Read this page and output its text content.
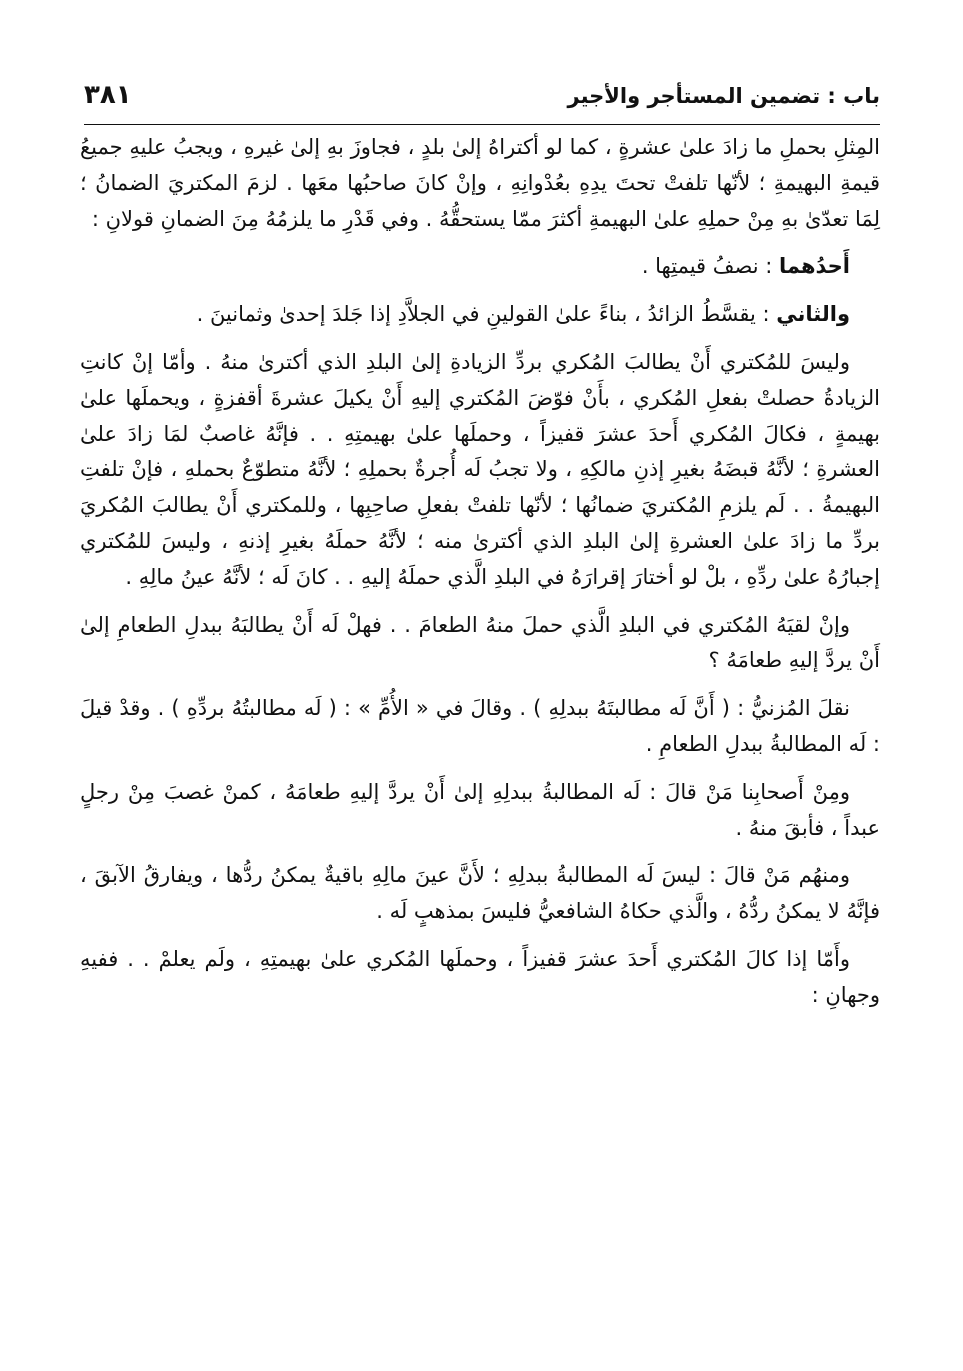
باب : تضمين المستأجر والأجير
٣٨١

المِثلِ بحملِ ما زادَ علىٰ عشرةٍ ، كما لو أكتراهُ إلىٰ بلدٍ ، فجاوزَ بهِ إلىٰ غيرهِ ، ويجبُ عليهِ جميعُ قيمةِ البهيمةِ ؛ لأنّها تلفتْ تحتَ يدِهِ بعُدْوانِهِ ، وإنْ كانَ صاحبُها معَها . لزمَ المكتريَ الضمانُ ؛ لِمَا تعدّىٰ بهِ مِنْ حملِهِ علىٰ البهيمةِ أكثرَ ممّا يستحقُّهُ . وفي قَدْرِ ما يلزمُهُ مِنَ الضمانِ قولانِ :

أَحدُهما : نصفُ قيمتِها .

والثاني : يقسَّطُ الزائدُ ، بناءً علىٰ القولينِ في الجلاَّدِ إذا جَلدَ إحدىٰ وثمانينَ .

وليسَ للمُكتري أَنْ يطالبَ المُكري بردِّ الزيادةِ إلىٰ البلدِ الذي أكترىٰ منهُ . وأمّا إنْ كانتِ الزيادةُ حصلتْ بفعلِ المُكري ، بأَنْ فوّضَ المُكتري إليهِ أَنْ يكيلَ عشرةَ أقفزةٍ ، ويحملَها علىٰ بهيمةٍ ، فكالَ المُكري أَحدَ عشرَ قفيزاً ، وحملَها علىٰ بهيمتِهِ . . فإنَّهُ غاصبٌ لمَا زادَ علىٰ العشرةِ ؛ لأنَّهُ قبضَهُ بغيرِ إذنِ مالكِهِ ، ولا تجبُ لَه أُجرةٌ بحملِهِ ؛ لأنَّهُ متطوّعٌ بحملهِ ، فإنْ تلفتِ البهيمةُ . . لَم يلزمِ المُكتريَ ضمانُها ؛ لأنّها تلفتْ بفعلِ صاحِبِها ، وللمكتري أَنْ يطالبَ المُكريَ بردِّ ما زادَ علىٰ العشرةِ إلىٰ البلدِ الذي أكترىٰ منه ؛ لأنَّهُ حملَهُ بغيرِ إذنهِ ، وليسَ للمُكتري إجبارُهُ علىٰ ردِّهِ ، بلْ لو أختارَ إقرارَهُ في البلدِ الَّذي حملَهُ إليهِ . . كانَ لَه ؛ لأنَّهُ عينُ مالِهِ .

وإنْ لقيَهُ المُكتري في البلدِ الَّذي حملَ منهُ الطعامَ . . فهلْ لَه أَنْ يطالبَهُ ببدلِ الطعامِ إلىٰ أَنْ يردَّ إليهِ طعامَهُ ؟

نقلَ المُزنيُّ : ( أَنَّ لَه مطالبتَهُ ببدلِهِ ) . وقالَ في « الأُمِّ » : ( لَه مطالبتُهُ بردِّهِ ) . وقدْ قيلَ : لَه المطالبةُ ببدلِ الطعامِ .

ومِنْ أَصحابِنا مَنْ قالَ : لَه المطالبةُ ببدلِهِ إلىٰ أَنْ يردَّ إليهِ طعامَهُ ، كمنْ غصبَ مِنْ رجلٍ عبداً ، فأبقَ منهُ .

ومنهُم مَنْ قالَ : ليسَ لَه المطالبةُ ببدلِهِ ؛ لأَنَّ عينَ مالِهِ باقيةٌ يمكنُ ردُّها ، ويفارقُ الآبقَ ، فإنَّهُ لا يمكنُ ردُّهُ ، والَّذي حكاهُ الشافعيُّ فليسَ بمذهبٍ لَه .

وأَمّا إذا كالَ المُكتري أَحدَ عشرَ قفيزاً ، وحملَها المُكري علىٰ بهيمتِهِ ، ولَم يعلمْ . . ففيهِ وجهانِ :
